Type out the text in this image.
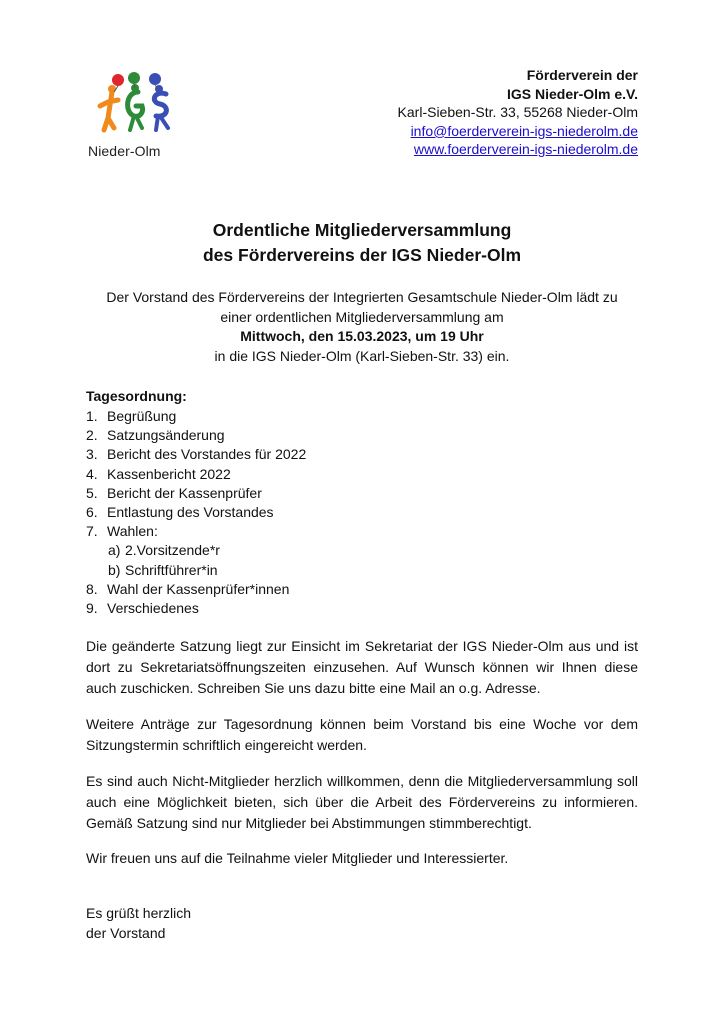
Nieder-Olm
Förderverein der
IGS Nieder-Olm e.V.
Karl-Sieben-Str. 33, 55268 Nieder-Olm
info@foerderverein-igs-niederolm.de
www.foerderverein-igs-niederolm.de
Ordentliche Mitgliederversammlung
des Fördervereins der IGS Nieder-Olm
Der Vorstand des Fördervereins der Integrierten Gesamtschule Nieder-Olm lädt zu
einer ordentlichen Mitgliederversammlung am
Mittwoch, den 15.03.2023, um 19 Uhr
in die IGS Nieder-Olm (Karl-Sieben-Str. 33) ein.
Tagesordnung:
1. Begrüßung
2. Satzungsänderung
3. Bericht des Vorstandes für 2022
4. Kassenbericht 2022
5. Bericht der Kassenprüfer
6. Entlastung des Vorstandes
7. Wahlen:
a) 2.Vorsitzende*r
b) Schriftführer*in
8. Wahl der Kassenprüfer*innen
9. Verschiedenes
Die geänderte Satzung liegt zur Einsicht im Sekretariat der IGS Nieder-Olm aus und ist dort zu Sekretariatsöffnungszeiten einzusehen. Auf Wunsch können wir Ihnen diese auch zuschicken. Schreiben Sie uns dazu bitte eine Mail an o.g. Adresse.
Weitere Anträge zur Tagesordnung können beim Vorstand bis eine Woche vor dem Sitzungstermin schriftlich eingereicht werden.
Es sind auch Nicht-Mitglieder herzlich willkommen, denn die Mitgliederversammlung soll auch eine Möglichkeit bieten, sich über die Arbeit des Fördervereins zu informieren. Gemäß Satzung sind nur Mitglieder bei Abstimmungen stimmberechtigt.
Wir freuen uns auf die Teilnahme vieler Mitglieder und Interessierter.
Es grüßt herzlich
der Vorstand
